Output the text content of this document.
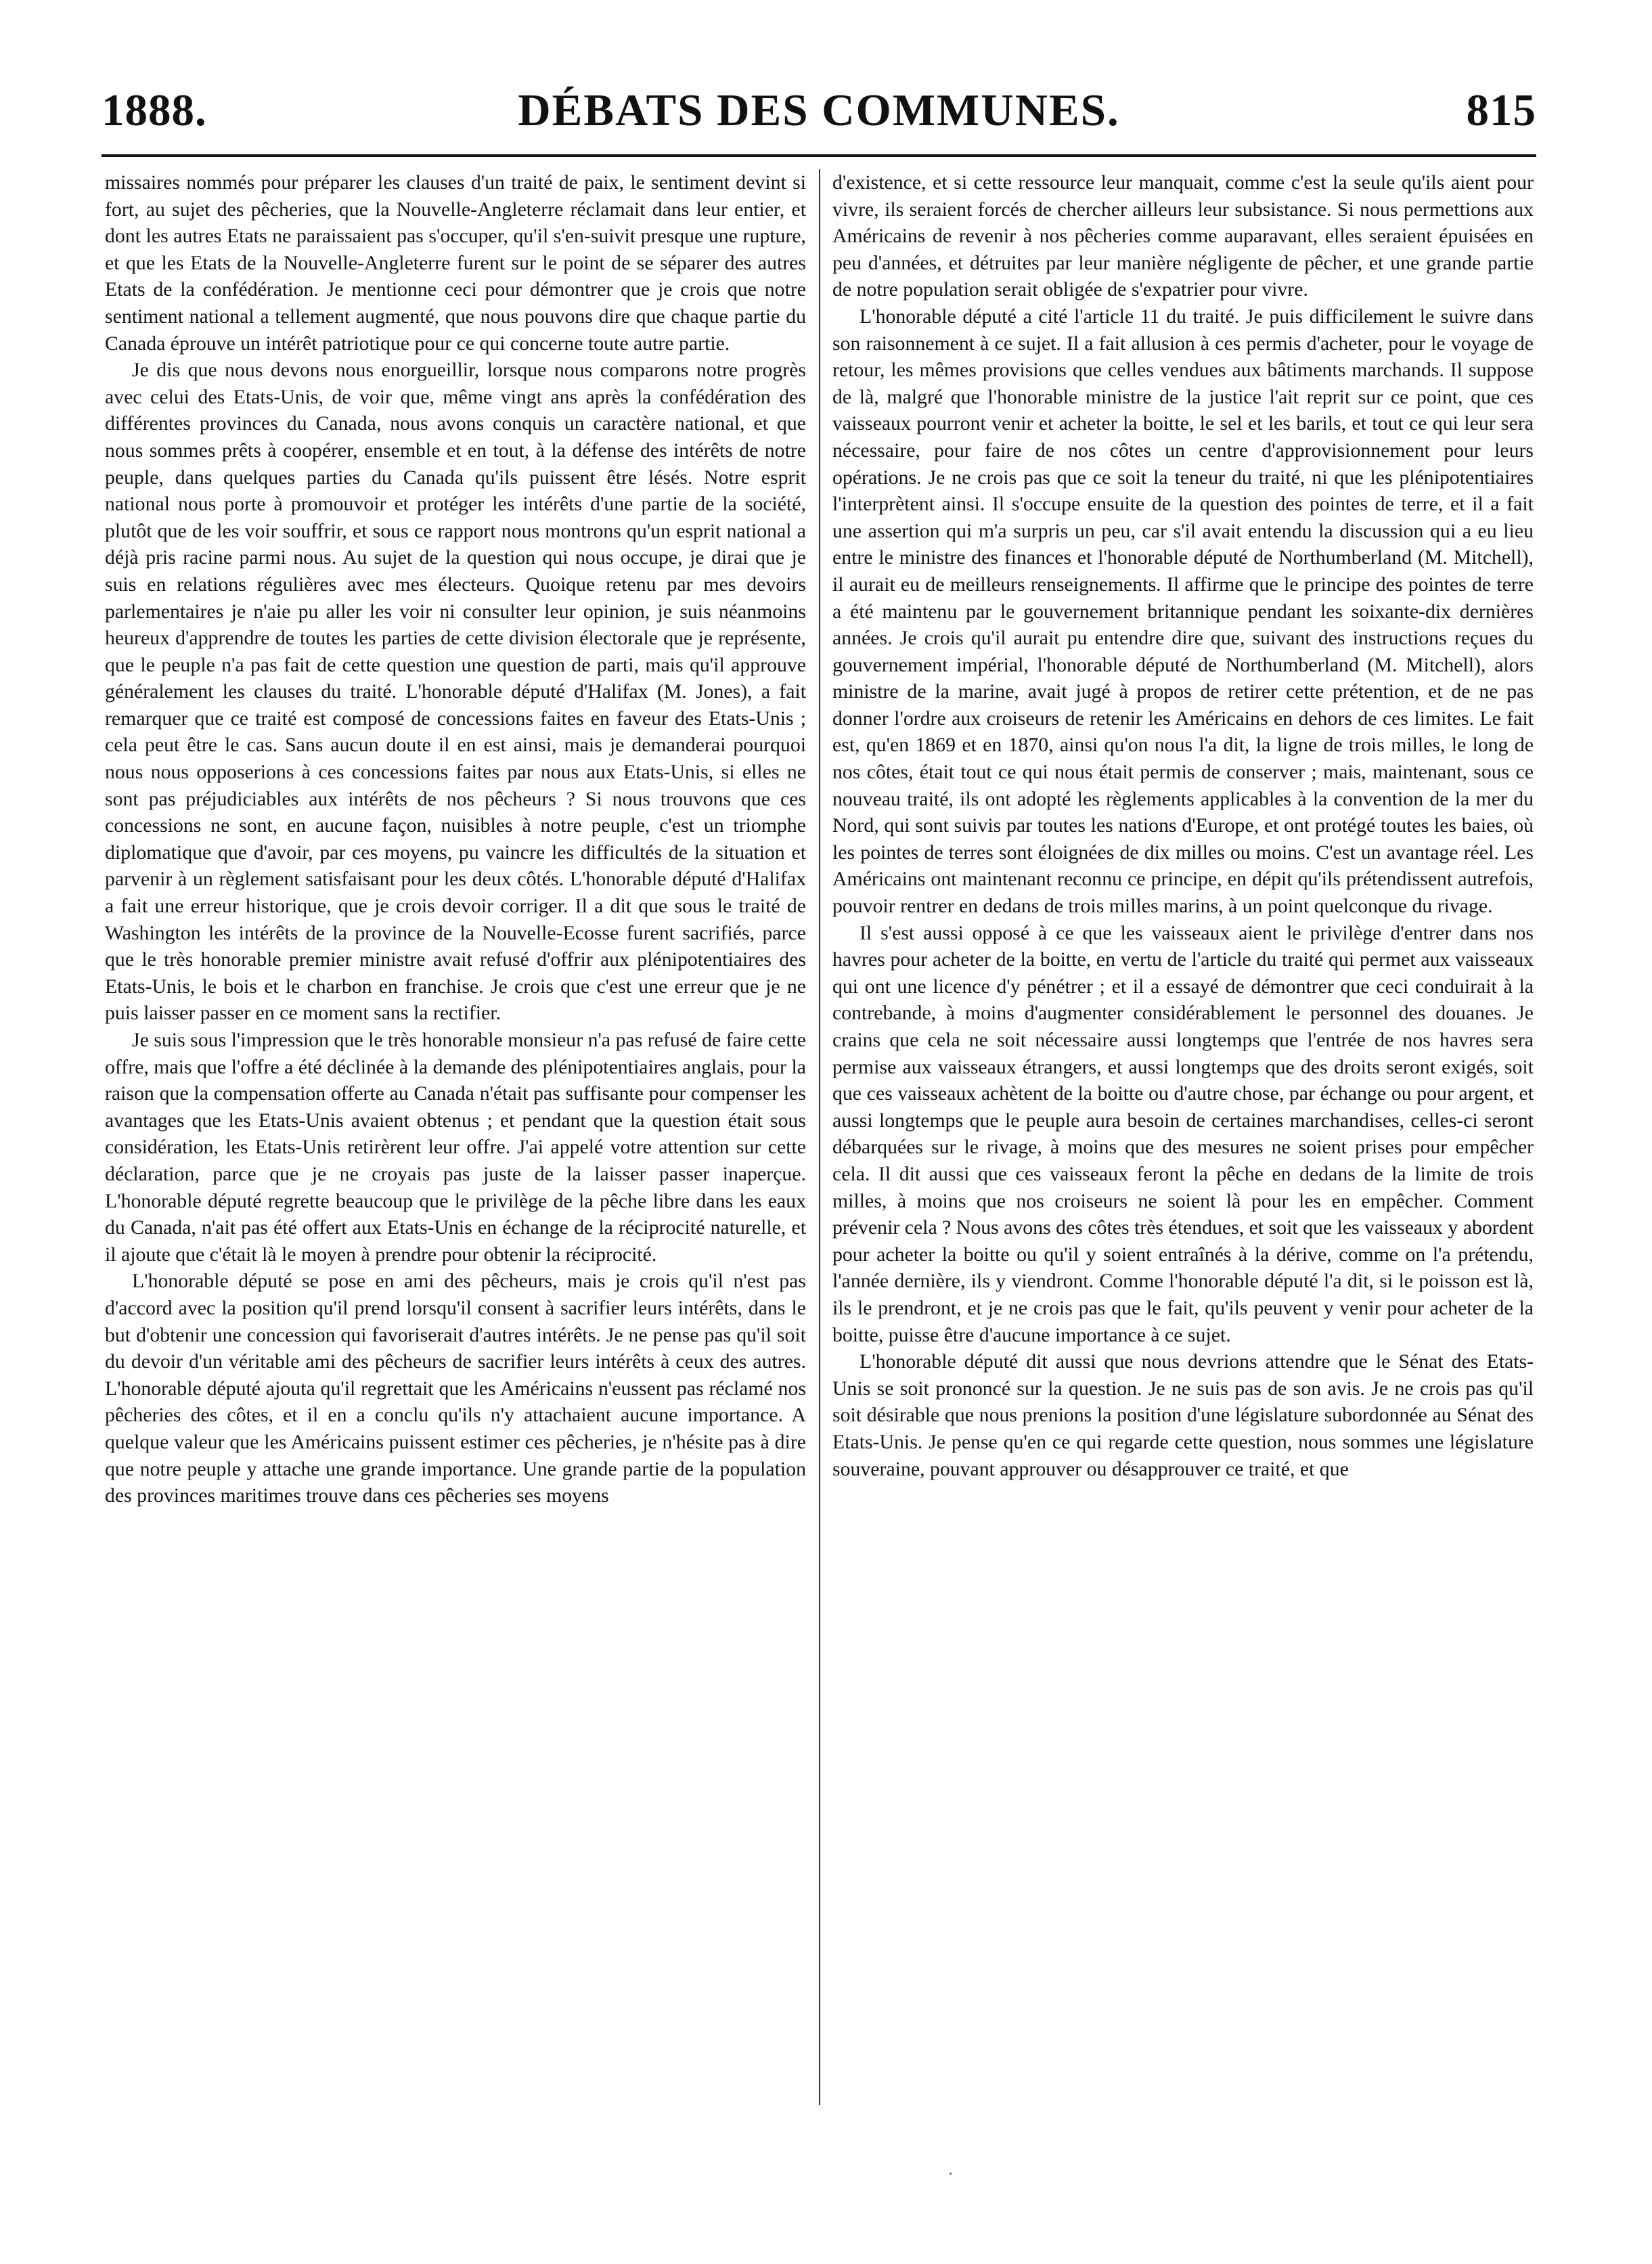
1888.	DÉBATS DES COMMUNES.	815

missaires nommés pour préparer les clauses d'un traité de paix, le sentiment devint si fort, au sujet des pêcheries, que la Nouvelle-Angleterre réclamait dans leur entier, et dont les autres Etats ne paraissaient pas s'occuper, qu'il s'en-suivit presque une rupture, et que les Etats de la Nouvelle-Angleterre furent sur le point de se séparer des autres Etats de la confédération. Je mentionne ceci pour démontrer que je crois que notre sentiment national a tellement augmenté, que nous pouvons dire que chaque partie du Canada éprouve un intérêt patriotique pour ce qui concerne toute autre partie.

Je dis que nous devons nous enorgueillir, lorsque nous comparons notre progrès avec celui des Etats-Unis, de voir que, même vingt ans après la confédération des différentes provinces du Canada, nous avons conquis un caractère national, et que nous sommes prêts à coopérer, ensemble et en tout, à la défense des intérêts de notre peuple, dans quelques parties du Canada qu'ils puissent être lésés. Notre esprit national nous porte à promouvoir et protéger les intérêts d'une partie de la société, plutôt que de les voir souffrir, et sous ce rapport nous montrons qu'un esprit national a déjà pris racine parmi nous. Au sujet de la question qui nous occupe, je dirai que je suis en relations régulières avec mes électeurs. Quoique retenu par mes devoirs parlementaires je n'aie pu aller les voir ni consulter leur opinion, je suis néanmoins heureux d'apprendre de toutes les parties de cette division électorale que je représente, que le peuple n'a pas fait de cette question une question de parti, mais qu'il approuve généralement les clauses du traité. L'honorable député d'Halifax (M. Jones), a fait remarquer que ce traité est composé de concessions faites en faveur des Etats-Unis ; cela peut être le cas. Sans aucun doute il en est ainsi, mais je demanderai pourquoi nous nous opposerions à ces concessions faites par nous aux Etats-Unis, si elles ne sont pas préjudiciables aux intérêts de nos pêcheurs ? Si nous trouvons que ces concessions ne sont, en aucune façon, nuisibles à notre peuple, c'est un triomphe diplomatique que d'avoir, par ces moyens, pu vaincre les difficultés de la situation et parvenir à un règlement satisfaisant pour les deux côtés. L'honorable député d'Halifax a fait une erreur historique, que je crois devoir corriger. Il a dit que sous le traité de Washington les intérêts de la province de la Nouvelle-Ecosse furent sacrifiés, parce que le très honorable premier ministre avait refusé d'offrir aux plénipotentiaires des Etats-Unis, le bois et le charbon en franchise. Je crois que c'est une erreur que je ne puis laisser passer en ce moment sans la rectifier.

Je suis sous l'impression que le très honorable monsieur n'a pas refusé de faire cette offre, mais que l'offre a été déclinée à la demande des plénipotentiaires anglais, pour la raison que la compensation offerte au Canada n'était pas suffisante pour compenser les avantages que les Etats-Unis avaient obtenus ; et pendant que la question était sous considération, les Etats-Unis retirèrent leur offre. J'ai appelé votre attention sur cette déclaration, parce que je ne croyais pas juste de la laisser passer inaperçue. L'honorable député regrette beaucoup que le privilège de la pêche libre dans les eaux du Canada, n'ait pas été offert aux Etats-Unis en échange de la réciprocité naturelle, et il ajoute que c'était là le moyen à prendre pour obtenir la réciprocité.

L'honorable député se pose en ami des pêcheurs, mais je crois qu'il n'est pas d'accord avec la position qu'il prend lorsqu'il consent à sacrifier leurs intérêts, dans le but d'obtenir une concession qui favoriserait d'autres intérêts. Je ne pense pas qu'il soit du devoir d'un véritable ami des pêcheurs de sacrifier leurs intérêts à ceux des autres. L'honorable député ajouta qu'il regrettait que les Américains n'eussent pas réclamé nos pêcheries des côtes, et il en a conclu qu'ils n'y attachaient aucune importance. A quelque valeur que les Américains puissent estimer ces pêcheries, je n'hésite pas à dire que notre peuple y attache une grande importance. Une grande partie de la population des provinces maritimes trouve dans ces pêcheries ses moyens

d'existence, et si cette ressource leur manquait, comme c'est la seule qu'ils aient pour vivre, ils seraient forcés de chercher ailleurs leur subsistance. Si nous permettions aux Américains de revenir à nos pêcheries comme auparavant, elles seraient épuisées en peu d'années, et détruites par leur manière négligente de pêcher, et une grande partie de notre population serait obligée de s'expatrier pour vivre.

L'honorable député a cité l'article 11 du traité. Je puis difficilement le suivre dans son raisonnement à ce sujet. Il a fait allusion à ces permis d'acheter, pour le voyage de retour, les mêmes provisions que celles vendues aux bâtiments marchands. Il suppose de là, malgré que l'honorable ministre de la justice l'ait reprit sur ce point, que ces vaisseaux pourront venir et acheter la boitte, le sel et les barils, et tout ce qui leur sera nécessaire, pour faire de nos côtes un centre d'approvisionnement pour leurs opérations. Je ne crois pas que ce soit la teneur du traité, ni que les plénipotentiaires l'interprètent ainsi. Il s'occupe ensuite de la question des pointes de terre, et il a fait une assertion qui m'a surpris un peu, car s'il avait entendu la discussion qui a eu lieu entre le ministre des finances et l'honorable député de Northumberland (M. Mitchell), il aurait eu de meilleurs renseignements. Il affirme que le principe des pointes de terre a été maintenu par le gouvernement britannique pendant les soixante-dix dernières années. Je crois qu'il aurait pu entendre dire que, suivant des instructions reçues du gouvernement impérial, l'honorable député de Northumberland (M. Mitchell), alors ministre de la marine, avait jugé à propos de retirer cette prétention, et de ne pas donner l'ordre aux croiseurs de retenir les Américains en dehors de ces limites. Le fait est, qu'en 1869 et en 1870, ainsi qu'on nous l'a dit, la ligne de trois milles, le long de nos côtes, était tout ce qui nous était permis de conserver ; mais, maintenant, sous ce nouveau traité, ils ont adopté les règlements applicables à la convention de la mer du Nord, qui sont suivis par toutes les nations d'Europe, et ont protégé toutes les baies, où les pointes de terres sont éloignées de dix milles ou moins. C'est un avantage réel. Les Américains ont maintenant reconnu ce principe, en dépit qu'ils prétendissent autrefois, pouvoir rentrer en dedans de trois milles marins, à un point quelconque du rivage.

Il s'est aussi opposé à ce que les vaisseaux aient le privilège d'entrer dans nos havres pour acheter de la boitte, en vertu de l'article du traité qui permet aux vaisseaux qui ont une licence d'y pénétrer ; et il a essayé de démontrer que ceci conduirait à la contrebande, à moins d'augmenter considérablement le personnel des douanes. Je crains que cela ne soit nécessaire aussi longtemps que l'entrée de nos havres sera permise aux vaisseaux étrangers, et aussi longtemps que des droits seront exigés, soit que ces vaisseaux achètent de la boitte ou d'autre chose, par échange ou pour argent, et aussi longtemps que le peuple aura besoin de certaines marchandises, celles-ci seront débarquées sur le rivage, à moins que des mesures ne soient prises pour empêcher cela. Il dit aussi que ces vaisseaux feront la pêche en dedans de la limite de trois milles, à moins que nos croiseurs ne soient là pour les en empêcher. Comment prévenir cela ? Nous avons des côtes très étendues, et soit que les vaisseaux y abordent pour acheter la boitte ou qu'il y soient entraînés à la dérive, comme on l'a prétendu, l'année dernière, ils y viendront. Comme l'honorable député l'a dit, si le poisson est là, ils le prendront, et je ne crois pas que le fait, qu'ils peuvent y venir pour acheter de la boitte, puisse être d'aucune importance à ce sujet.

L'honorable député dit aussi que nous devrions attendre que le Sénat des Etats-Unis se soit prononcé sur la question. Je ne suis pas de son avis. Je ne crois pas qu'il soit désirable que nous prenions la position d'une législature subordonnée au Sénat des Etats-Unis. Je pense qu'en ce qui regarde cette question, nous sommes une législature souveraine, pouvant approuver ou désapprouver ce traité, et que
